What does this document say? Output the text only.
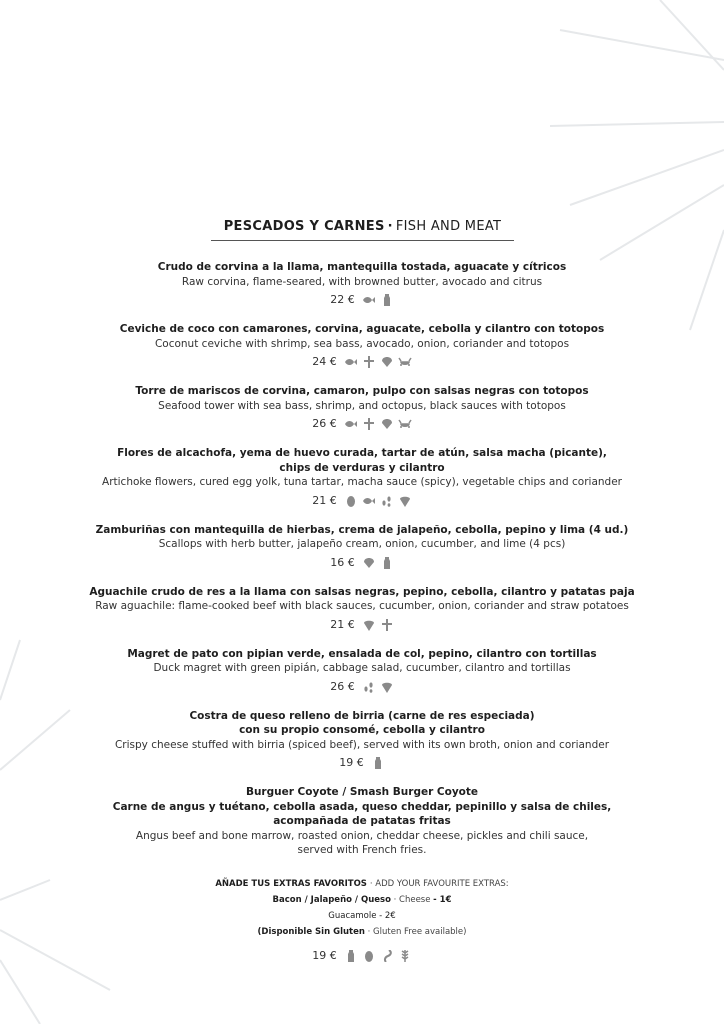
PESCADOS Y CARNES · FISH AND MEAT
Crudo de corvina a la llama, mantequilla tostada, aguacate y cítricos
Raw corvina, flame-seared, with browned butter, avocado and citrus
22 €
Ceviche de coco con camarones, corvina, aguacate, cebolla y cilantro con totopos
Coconut ceviche with shrimp, sea bass, avocado, onion, coriander and totopos
24 €
Torre de mariscos de corvina, camaron, pulpo con salsas negras con totopos
Seafood tower with sea bass, shrimp, and octopus, black sauces with totopos
26 €
Flores de alcachofa, yema de huevo curada, tartar de atún, salsa macha (picante),
chips de verduras y cilantro
Artichoke flowers, cured egg yolk, tuna tartar, macha sauce (spicy), vegetable chips and coriander
21 €
Zamburiñas con mantequilla de hierbas, crema de jalapeño, cebolla, pepino y lima (4 ud.)
Scallops with herb butter, jalapeño cream, onion, cucumber, and lime (4 pcs)
16 €
Aguachile crudo de res a la llama con salsas negras, pepino, cebolla, cilantro y patatas paja
Raw aguachile: flame-cooked beef with black sauces, cucumber, onion, coriander and straw potatoes
21 €
Magret de pato con pipian verde, ensalada de col, pepino, cilantro con tortillas
Duck magret with green pipián, cabbage salad, cucumber, cilantro and tortillas
26 €
Costra de queso relleno de birria (carne de res especiada)
con su propio consomé, cebolla y cilantro
Crispy cheese stuffed with birria (spiced beef), served with its own broth, onion and coriander
19 €
Burguer Coyote / Smash Burger Coyote
Carne de angus y tuétano, cebolla asada, queso cheddar, pepinillo y salsa de chiles,
acompañada de patatas fritas
Angus beef and bone marrow, roasted onion, cheddar cheese, pickles and chili sauce,
served with French fries.
AÑADE TUS EXTRAS FAVORITOS · ADD YOUR FAVOURITE EXTRAS:
Bacon / Jalapeño / Queso · Cheese - 1€
Guacamole - 2€
(Disponible Sin Gluten · Gluten Free available)
19 €
